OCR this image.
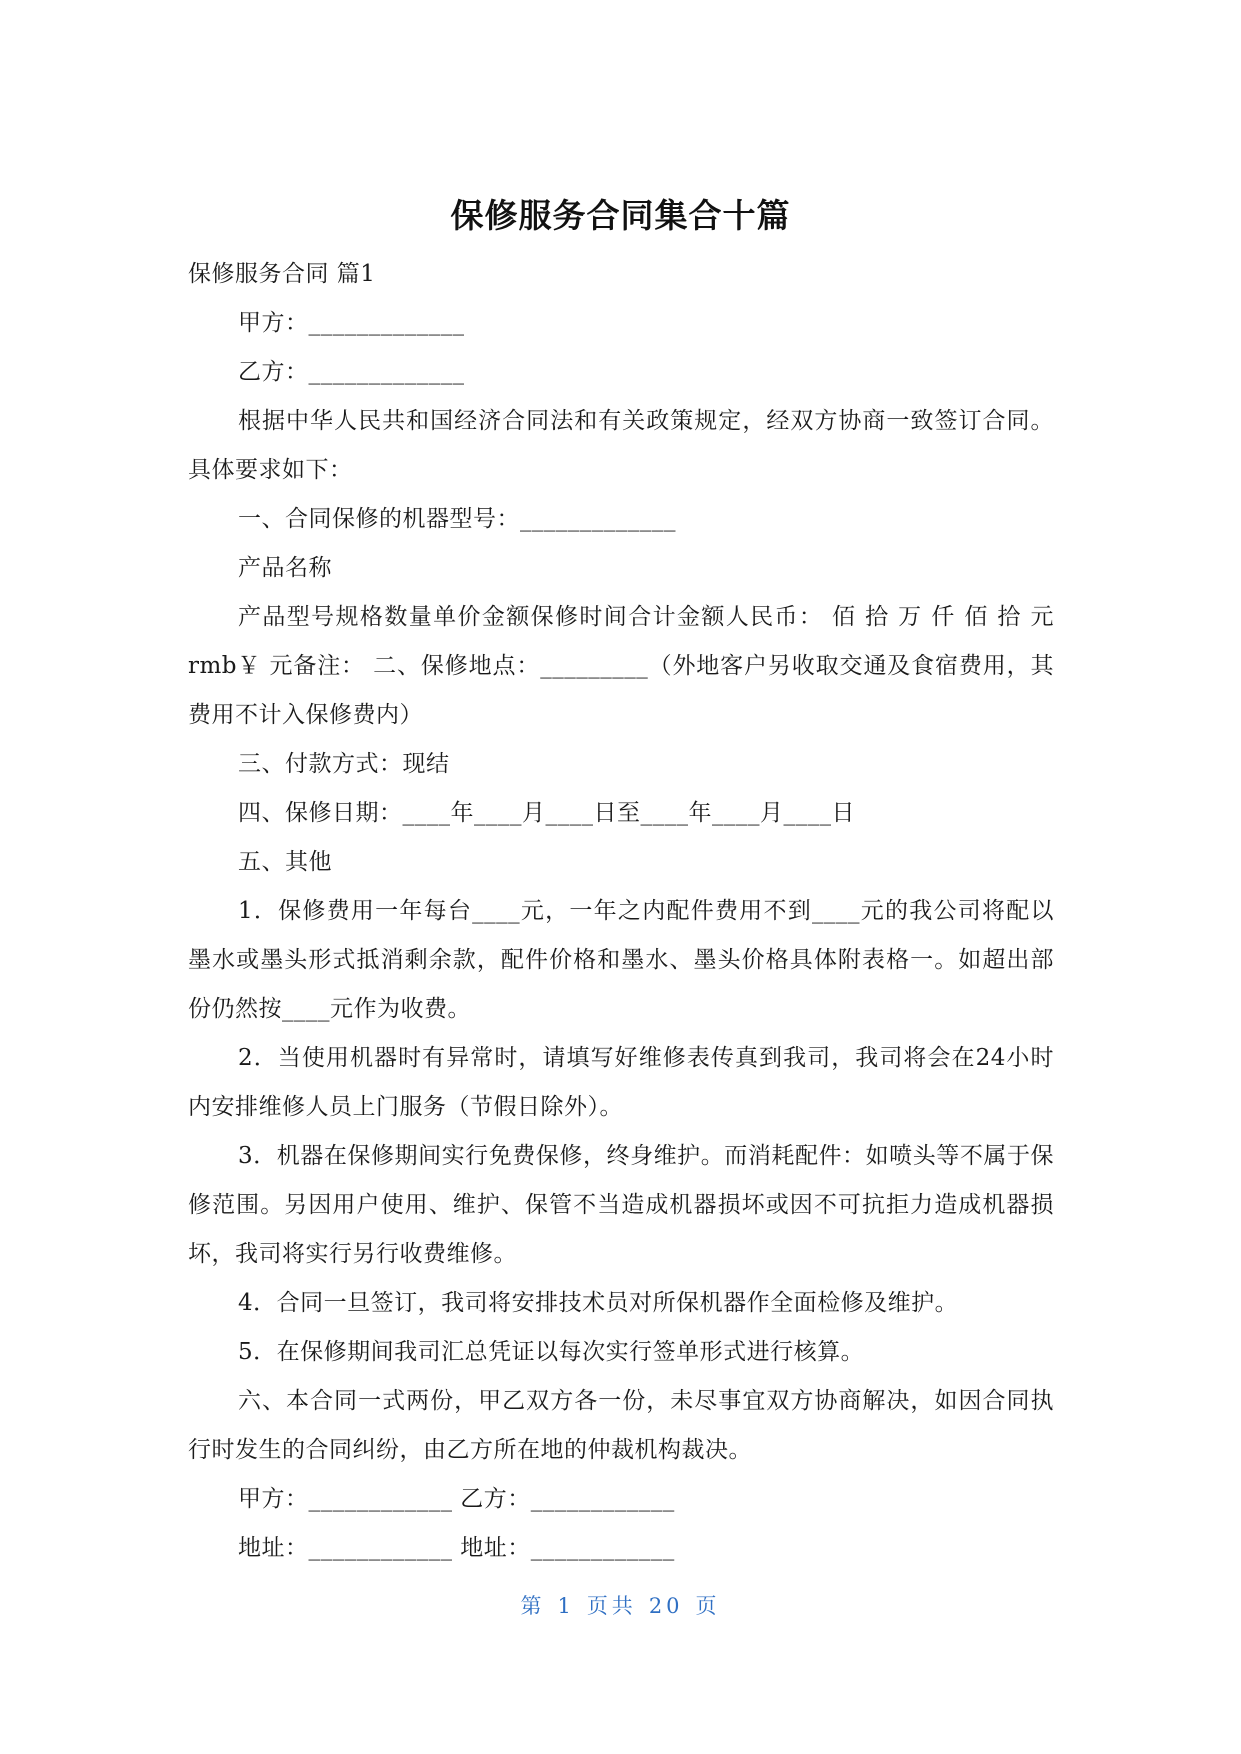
保修服务合同集合十篇

保修服务合同 篇1

甲方：_____________

乙方：_____________

根据中华人民共和国经济合同法和有关政策规定，经双方协商一致签订合同。具体要求如下：

一、合同保修的机器型号：_____________

产品名称

产品型号规格数量单价金额保修时间合计金额人民币： 佰 拾 万 仟 佰 拾 元 rmb￥ 元备注： 二、保修地点：_________（外地客户另收取交通及食宿费用，其费用不计入保修费内）

三、付款方式：现结

四、保修日期：____年____月____日至____年____月____日

五、其他

1．保修费用一年每台____元，一年之内配件费用不到____元的我公司将配以墨水或墨头形式抵消剩余款，配件价格和墨水、墨头价格具体附表格一。如超出部份仍然按____元作为收费。

2．当使用机器时有异常时，请填写好维修表传真到我司，我司将会在24小时内安排维修人员上门服务（节假日除外）。

3．机器在保修期间实行免费保修，终身维护。而消耗配件：如喷头等不属于保修范围。另因用户使用、维护、保管不当造成机器损坏或因不可抗拒力造成机器损坏，我司将实行另行收费维修。

4．合同一旦签订，我司将安排技术员对所保机器作全面检修及维护。

5．在保修期间我司汇总凭证以每次实行签单形式进行核算。

六、本合同一式两份，甲乙双方各一份，未尽事宜双方协商解决，如因合同执行时发生的合同纠纷，由乙方所在地的仲裁机构裁决。

甲方：____________ 乙方：____________

地址：____________ 地址：____________

第 1 页共 20 页
